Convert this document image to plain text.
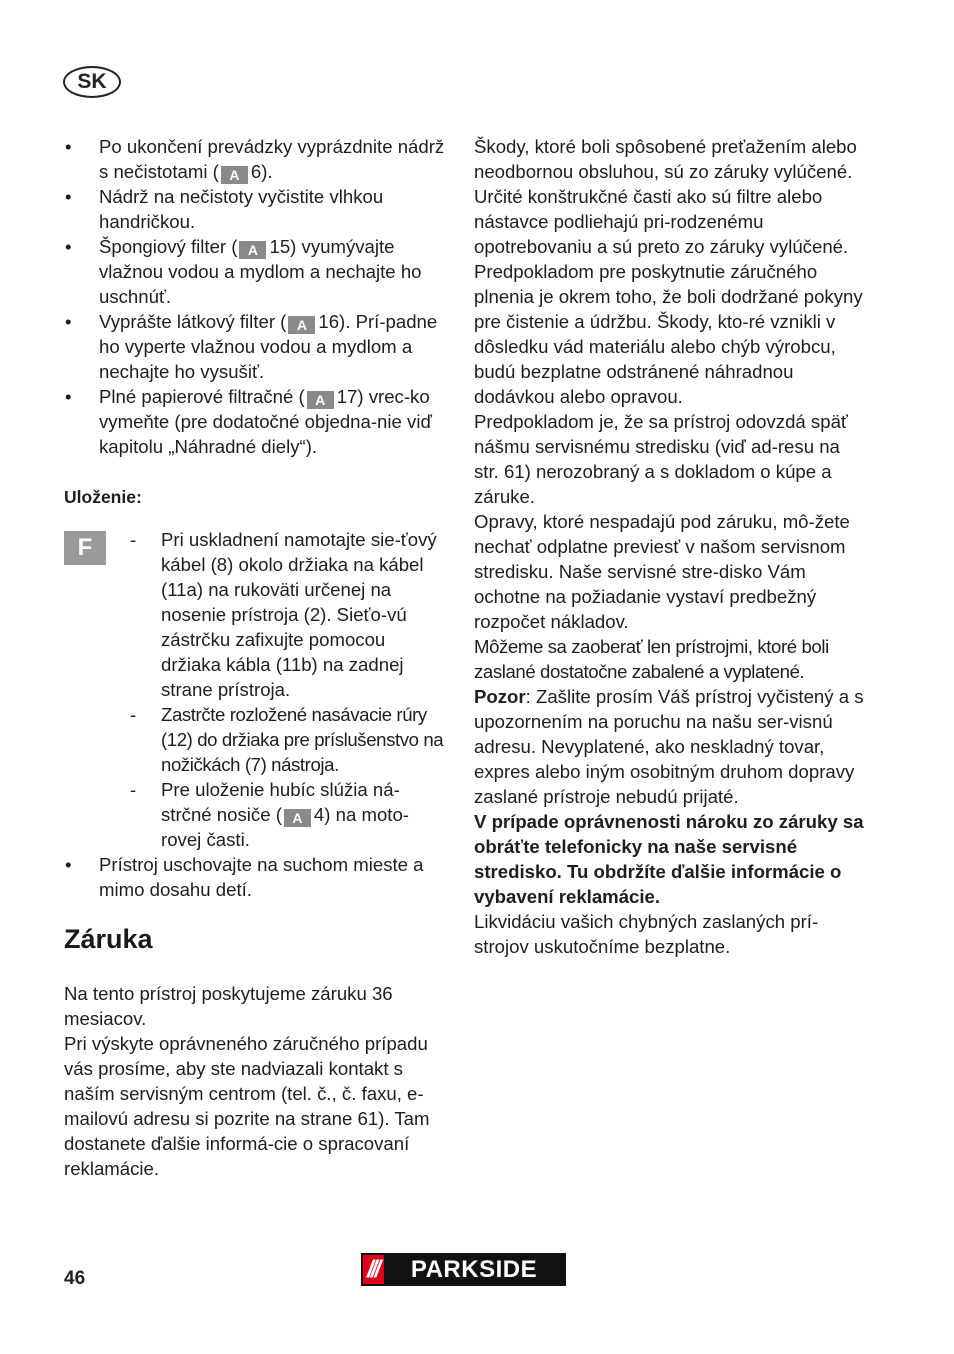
SK
• Po ukončení prevádzky vyprázdnite nádrž s nečistotami ( A 6).
• Nádrž na nečistoty vyčistite vlhkou handričkou.
• Špongiový filter ( A 15) vyumývajte vlažnou vodou a mydlom a nechajte ho uschnúť.
• Vyprášte látkový filter ( A 16). Prí-padne ho vyperte vlažnou vodou a mydlom a nechajte ho vysušiť.
• Plné papierové filtračné ( A 17) vrec-ko vymeňte (pre dodatočné objedna-nie viď kapitolu „Náhradné diely“).
Uloženie:
F
-	Pri uskladnení namotajte sie-ťový kábel (8) okolo držiaka na kábel (11a) na rukoväti určenej na nosenie prístroja (2). Sieťo-vú zástrčku zafixujte pomocou držiaka kábla (11b) na zadnej strane prístroja.
- Zastrčte rozložené nasávacie rúry (12) do držiaka pre príslušenstvo na nožičkách (7) nástroja.
- Pre uloženie hubíc slúžia ná-strčné nosiče ( A 4) na moto-rovej časti.
• Prístroj uschovajte na suchom mieste a mimo dosahu detí.
Záruka
Na tento prístroj poskytujeme záruku 36 mesiacov.
Pri výskyte oprávneného záručného prípadu vás prosíme, aby ste nadviazali kontakt s naším servisným centrom (tel. č., č. faxu, e-mailovú adresu si pozrite na strane 61). Tam dostanete ďalšie informá-cie o spracovaní reklamácie.

Škody, ktoré boli spôsobené preťažením alebo neodbornou obsluhou, sú zo záruky vylúčené. Určité konštrukčné časti ako sú filtre alebo nástavce podliehajú pri-rodzenému opotrebovaniu a sú preto zo záruky vylúčené.

Predpokladom pre poskytnutie záručného plnenia je okrem toho, že boli dodržané pokyny pre čistenie a údržbu. Škody, kto-ré vznikli v dôsledku vád materiálu alebo chýb výrobcu, budú bezplatne odstránené náhradnou dodávkou alebo opravou.

Predpokladom je, že sa prístroj odovzdá späť nášmu servisnému stredisku (viď ad-resu na str. 61) nerozobraný a s dokladom o kúpe a záruke.

Opravy, ktoré nespadajú pod záruku, mô-žete nechať odplatne previesť v našom servisnom stredisku. Naše servisné stre-disko Vám ochotne na požiadanie vystaví predbežný rozpočet nákladov.

Môžeme sa zaoberať len prístrojmi, ktoré boli zaslané dostatočne zabalené a vyplatené.

Pozor: Zašlite prosím Váš prístroj vyčistený a s upozornením na poruchu na našu ser-visnú adresu. Nevyplatené, ako neskladný tovar, expres alebo iným osobitným druhom dopravy zaslané prístroje nebudú prijaté.

V prípade oprávnenosti nároku zo záruky sa obráťte telefonicky na naše servisné stredisko. Tu obdržíte ďalšie informácie o vybavení reklamácie.

Likvidáciu vašich chybných zaslaných prí-strojov uskutočníme bezplatne.

46	///	PARKSIDE
